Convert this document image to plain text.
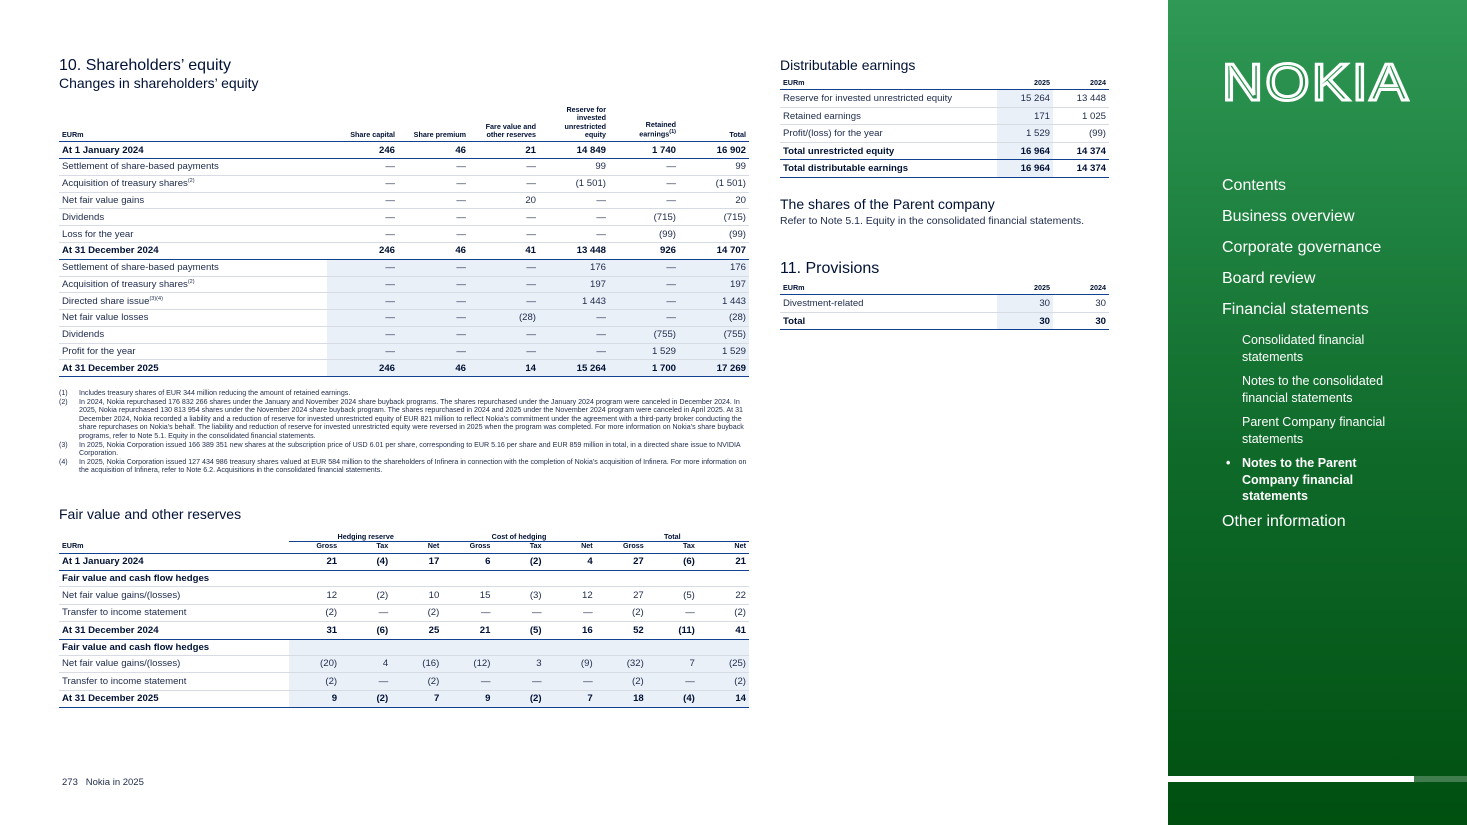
10. Shareholders’ equity
Changes in shareholders’ equity
EURm	Share capital	Share premium	Fare value and other reserves	Reserve for invested unrestricted equity	Retained earnings$^{(1)}$	Total
At 1 January 2024	246	46	21	14 849	1 740	16 902
Settlement of share-based payments	—	—	—	99	—	99
Acquisition of treasury shares$^{(2)}$	—	—	—	(1 501)	—	(1 501)
Net fair value gains	—	—	20	—	—	20
Dividends	—	—	—	—	(715)	(715)
Loss for the year	—	—	—	—	(99)	(99)
At 31 December 2024	246	46	41	13 448	926	14 707
Settlement of share-based payments	—	—	—	176	—	176
Acquisition of treasury shares$^{(2)}$	—	—	—	197	—	197
Directed share issue$^{(3)(4)}$	—	—	—	1 443	—	1 443
Net fair value losses	—	—	(28)	—	—	(28)
Dividends	—	—	—	—	(755)	(755)
Profit for the year	—	—	—	—	1 529	1 529
At 31 December 2025	246	46	14	15 264	1 700	17 269
(1)	Includes treasury shares of EUR 344 million reducing the amount of retained earnings.
(2)	In 2024, Nokia repurchased 176 832 266 shares under the January and November 2024 share buyback programs. The shares repurchased under the January 2024 program were canceled in December 2024. In 2025, Nokia repurchased 130 813 954 shares under the November 2024 share buyback program. The shares repurchased in 2024 and 2025 under the November 2024 program were canceled in April 2025. At 31 December 2024, Nokia recorded a liability and a reduction of reserve for invested unrestricted equity of EUR 821 million to reflect Nokia’s commitment under the agreement with a third-party broker conducting the share repurchases on Nokia’s behalf. The liability and reduction of reserve for invested unrestricted equity were reversed in 2025 when the program was completed. For more information on Nokia’s share buyback programs, refer to Note 5.1. Equity in the consolidated financial statements.
(3)	In 2025, Nokia Corporation issued 166 389 351 new shares at the subscription price of USD 6.01 per share, corresponding to EUR 5.16 per share and EUR 859 million in total, in a directed share issue to NVIDIA Corporation.
(4)	In 2025, Nokia Corporation issued 127 434 986 treasury shares valued at EUR 584 million to the shareholders of Infinera in connection with the completion of Nokia’s acquisition of Infinera. For more information on the acquisition of Infinera, refer to Note 6.2. Acquisitions in the consolidated financial statements.
Fair value and other reserves
	Hedging reserve			Cost of hedging			Total		
EURm	Gross	Tax	Net	Gross	Tax	Net	Gross	Tax	Net
At 1 January 2024	21	(4)	17	6	(2)	4	27	(6)	21
Fair value and cash flow hedges									
Net fair value gains/(losses)	12	(2)	10	15	(3)	12	27	(5)	22
Transfer to income statement	(2)	—	(2)	—	—	—	(2)	—	(2)
At 31 December 2024	31	(6)	25	21	(5)	16	52	(11)	41
Fair value and cash flow hedges									
Net fair value gains/(losses)	(20)	4	(16)	(12)	3	(9)	(32)	7	(25)
Transfer to income statement	(2)	—	(2)	—	—	—	(2)	—	(2)
At 31 December 2025	9	(2)	7	9	(2)	7	18	(4)	14
Distributable earnings
EURm	2025	2024
Reserve for invested unrestricted equity	15 264	13 448
Retained earnings	171	1 025
Profit/(loss) for the year	1 529	(99)
Total unrestricted equity	16 964	14 374
Total distributable earnings	16 964	14 374
The shares of the Parent company
Refer to Note 5.1. Equity in the consolidated financial statements.
11. Provisions
EURm	2025	2024
Divestment-related	30	30
Total	30	30
273 Nokia in 2025
NOKIA
Contents
Business overview
Corporate governance
Board review
Financial statements
Consolidated financial statements
Notes to the consolidated financial statements
Parent Company financial statements
• Notes to the Parent Company financial statements
Other information
